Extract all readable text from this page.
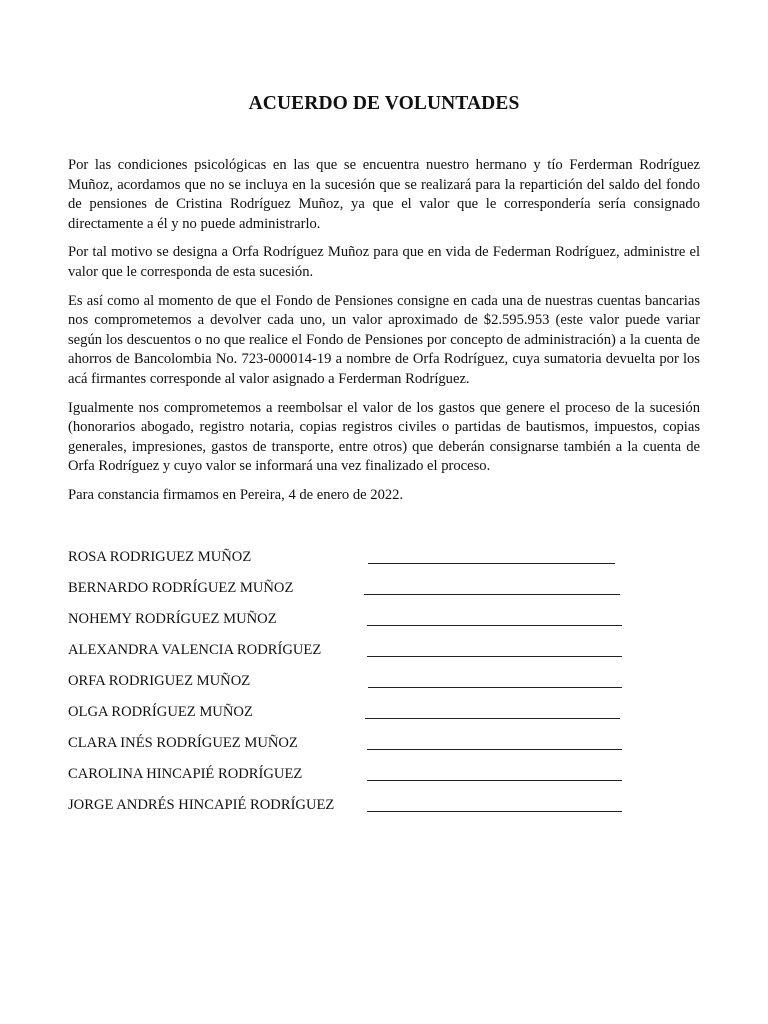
ACUERDO DE VOLUNTADES

Por las condiciones psicológicas en las que se encuentra nuestro hermano y tío Ferderman Rodríguez Muñoz, acordamos que no se incluya en la sucesión que se realizará para la repartición del saldo del fondo de pensiones de Cristina Rodríguez Muñoz, ya que el valor que le correspondería sería consignado directamente a él y no puede administrarlo.

Por tal motivo se designa a Orfa Rodríguez Muñoz para que en vida de Federman Rodríguez, administre el valor que le corresponda de esta sucesión.

Es así como al momento de que el Fondo de Pensiones consigne en cada una de nuestras cuentas bancarias nos comprometemos a devolver cada uno, un valor aproximado de $2.595.953 (este valor puede variar según los descuentos o no que realice el Fondo de Pensiones por concepto de administración) a la cuenta de ahorros de Bancolombia No. 723-000014-19 a nombre de Orfa Rodríguez, cuya sumatoria devuelta por los acá firmantes corresponde al valor asignado a Ferderman Rodríguez.

Igualmente nos comprometemos a reembolsar el valor de los gastos que genere el proceso de la sucesión (honorarios abogado, registro notaria, copias registros civiles o partidas de bautismos, impuestos, copias generales, impresiones, gastos de transporte, entre otros) que deberán consignarse también a la cuenta de Orfa Rodríguez y cuyo valor se informará una vez finalizado el proceso.

Para constancia firmamos en Pereira, 4 de enero de 2022.

ROSA RODRIGUEZ MUÑOZ
BERNARDO RODRÍGUEZ MUÑOZ
NOHEMY RODRÍGUEZ MUÑOZ
ALEXANDRA VALENCIA RODRÍGUEZ
ORFA RODRIGUEZ MUÑOZ
OLGA RODRÍGUEZ MUÑOZ
CLARA INÉS RODRÍGUEZ MUÑOZ
CAROLINA HINCAPIÉ RODRÍGUEZ
JORGE ANDRÉS HINCAPIÉ RODRÍGUEZ
